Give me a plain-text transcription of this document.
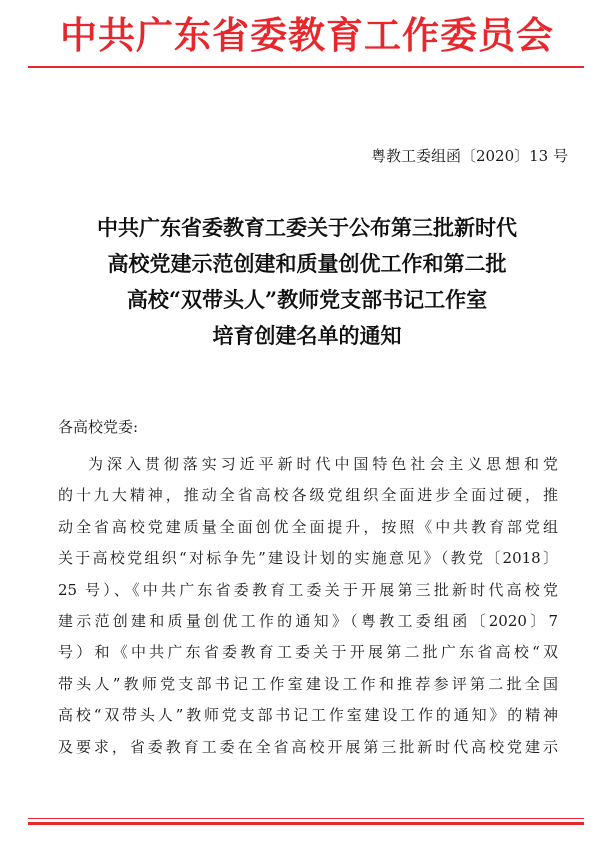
中共广东省委教育工作委员会
粤教工委组函〔2020〕13 号
中共广东省委教育工委关于公布第三批新时代
高校党建示范创建和质量创优工作和第二批
高校“双带头人”教师党支部书记工作室
培育创建名单的通知
各高校党委:
为深入贯彻落实习近平新时代中国特色社会主义思想和党
的十九大精神，推动全省高校各级党组织全面进步全面过硬，推
动全省高校党建质量全面创优全面提升，按照《中共教育部党组
关于高校党组织“对标争先”建设计划的实施意见》（教党〔2018〕
25 号）、《中共广东省委教育工委关于开展第三批新时代高校党
建示范创建和质量创优工作的通知》（粤教工委组函〔2020〕7
号）和《中共广东省委教育工委关于开展第二批广东省高校“双
带头人”教师党支部书记工作室建设工作和推荐参评第二批全国
高校“双带头人”教师党支部书记工作室建设工作的通知》的精神
及要求，省委教育工委在全省高校开展第三批新时代高校党建示
